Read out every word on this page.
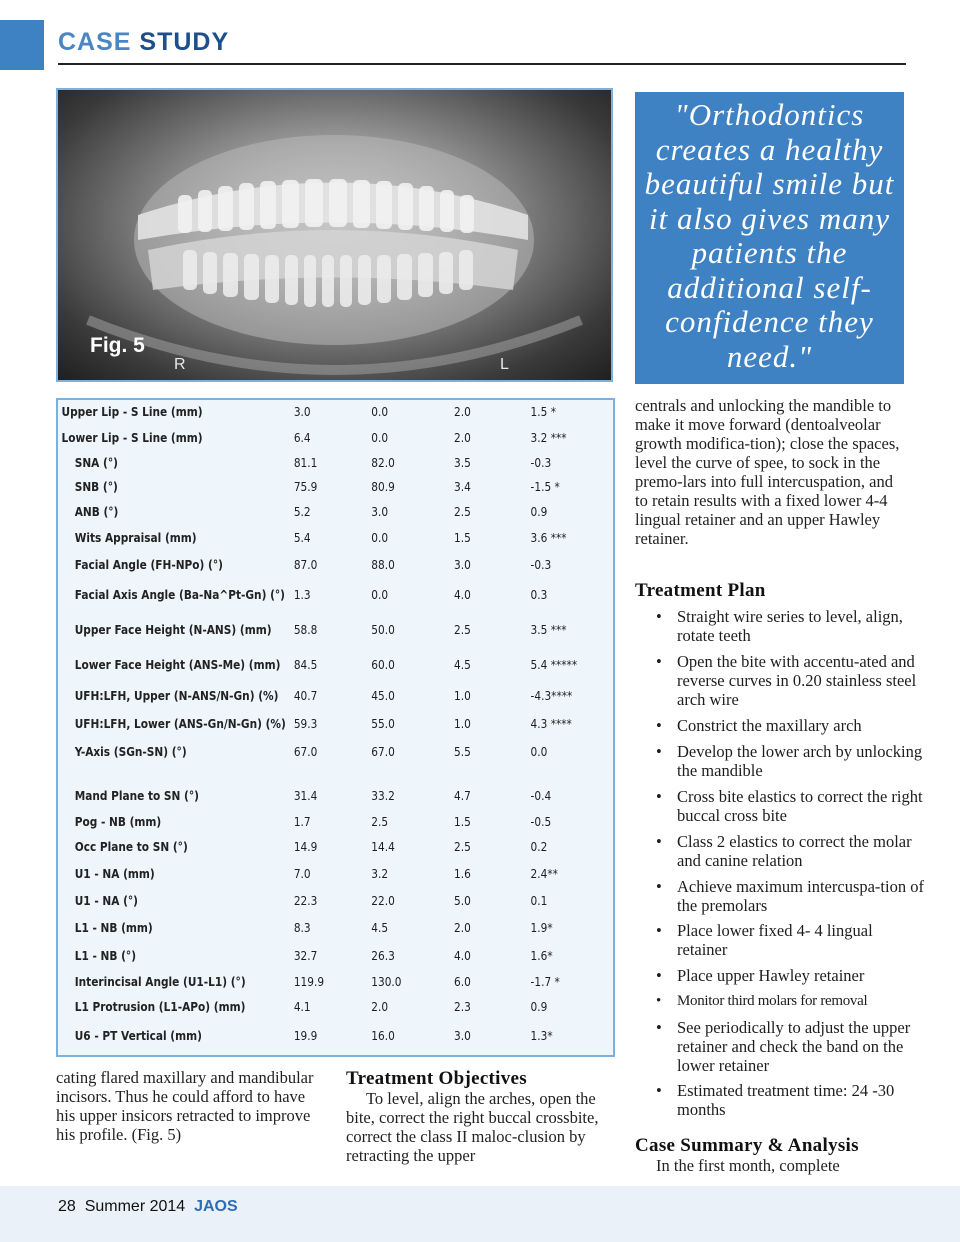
CASE STUDY
Fig. 5
R	L

"Orthodontics creates a healthy beautiful smile but it also gives many patients the additional self-confidence they need."

Upper Lip - S Line (mm)	3.0	0.0	2.0	1.5 *
Lower Lip - S Line (mm)	6.4	0.0	2.0	3.2 ***
SNA (°)	81.1	82.0	3.5	-0.3
SNB (°)	75.9	80.9	3.4	-1.5 *
ANB (°)	5.2	3.0	2.5	0.9
Wits Appraisal (mm)	5.4	0.0	1.5	3.6 ***
Facial Angle (FH-NPo) (°)	87.0	88.0	3.0	-0.3
Facial Axis Angle (Ba-Na^Pt-Gn) (°) 1.3	0.0	4.0	0.3
Upper Face Height (N-ANS) (mm) 58.8	50.0	2.5	3.5 ***
Lower Face Height (ANS-Me) (mm) 84.5	60.0	4.5	5.4 *****
UFH:LFH, Upper (N-ANS/N-Gn) (%) 40.7	45.0	1.0	-4.3****
UFH:LFH, Lower (ANS-Gn/N-Gn) (%) 59.3	55.0	1.0	4.3 ****
Y-Axis (SGn-SN) (°)	67.0	67.0	5.5	0.0
Mand Plane to SN (°)	31.4	33.2	4.7	-0.4
Pog - NB (mm)	1.7	2.5	1.5	-0.5
Occ Plane to SN (°)	14.9	14.4	2.5	0.2
U1 - NA (mm)	7.0	3.2	1.6	2.4**
U1 - NA (°)	22.3	22.0	5.0	0.1
L1 - NB (mm)	8.3	4.5	2.0	1.9*
L1 - NB (°)	32.7	26.3	4.0	1.6*
Interincisal Angle (U1-L1) (°)	119.9	130.0	6.0	-1.7 *
L1 Protrusion (L1-APo) (mm)	4.1	2.0	2.3	0.9
U6 - PT Vertical (mm)	19.9	16.0	3.0	1.3*

cating flared maxillary and mandibular incisors. Thus he could afford to have his upper insicors retracted to improve his profile. (Fig. 5)

Treatment Objectives

To level, align the arches, open the bite, correct the right buccal crossbite, correct the class II maloc-clusion by retracting the upper

centrals and unlocking the mandible to make it move forward (dentoalveolar growth modifica-tion); close the spaces, level the curve of spee, to sock in the premo-lars into full intercuspation, and to retain results with a fixed lower 4-4 lingual retainer and an upper Hawley retainer.

Treatment Plan
• Straight wire series to level, align, rotate teeth
• Open the bite with accentu-ated and reverse curves in 0.20 stainless steel arch wire
• Constrict the maxillary arch
• Develop the lower arch by unlocking the mandible
• Cross bite elastics to correct the right buccal cross bite
• Class 2 elastics to correct the molar and canine relation
• Achieve maximum intercuspa-tion of the premolars
• Place lower fixed 4- 4 lingual retainer
• Place upper Hawley retainer
• Monitor third molars for removal
• See periodically to adjust the upper retainer and check the band on the lower retainer
• Estimated treatment time: 24 -30 months
Case Summary & Analysis

In the first month, complete

28 Summer 2014 JAOS
